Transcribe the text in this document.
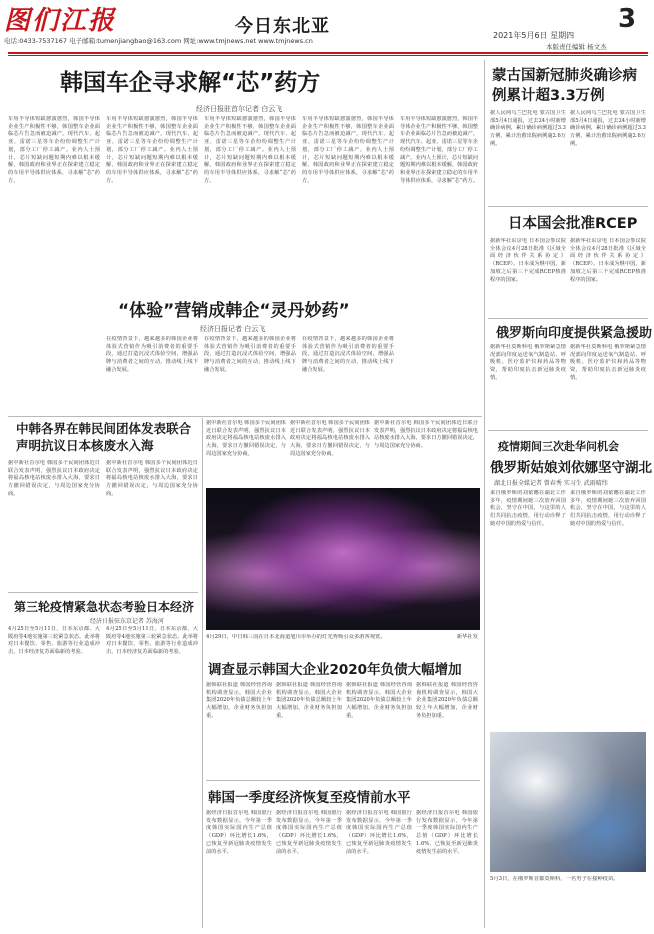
图们江报	今日东北亚	3
2021年5月6日 星期四
电话:0433-7537167 电子邮箱:tumenjiangbao@163.com 网址:www.tmjnews.net www.tmjnews.cn
本版责任编辑 杨文杰
韩国车企寻求解“芯”药方
经济日报驻首尔记者 白云飞
车用半导体短缺愈演愈烈，韩国半导体企业生产积极性不够，韩国整车企业面临芯片告急而被迫减产。现代汽车、起亚、雷诺三星等车企纷纷调整生产计划，部分工厂停工减产。业内人士预计，芯片短缺问题短期内难以根本缓解，韩国政府和业界正在探索建立稳定的车用半导体供应体系，寻求解“芯”药方。
车用半导体短缺愈演愈烈，韩国半导体企业生产积极性不够，韩国整车企业面临芯片告急而被迫减产。现代汽车、起亚、雷诺三星等车企纷纷调整生产计划，部分工厂停工减产。业内人士预计，芯片短缺问题短期内难以根本缓解，韩国政府和业界正在探索建立稳定的车用半导体供应体系，寻求解“芯”药方。
车用半导体短缺愈演愈烈，韩国半导体企业生产积极性不够，韩国整车企业面临芯片告急而被迫减产。现代汽车、起亚、雷诺三星等车企纷纷调整生产计划，部分工厂停工减产。业内人士预计，芯片短缺问题短期内难以根本缓解，韩国政府和业界正在探索建立稳定的车用半导体供应体系，寻求解“芯”药方。
车用半导体短缺愈演愈烈，韩国半导体企业生产积极性不够，韩国整车企业面临芯片告急而被迫减产。现代汽车、起亚、雷诺三星等车企纷纷调整生产计划，部分工厂停工减产。业内人士预计，芯片短缺问题短期内难以根本缓解，韩国政府和业界正在探索建立稳定的车用半导体供应体系，寻求解“芯”药方。
车用半导体短缺愈演愈烈，韩国半导体企业生产积极性不够，韩国整车企业面临芯片告急而被迫减产。现代汽车、起亚、雷诺三星等车企纷纷调整生产计划，部分工厂停工减产。业内人士预计，芯片短缺问题短期内难以根本缓解，韩国政府和业界正在探索建立稳定的车用半导体供应体系，寻求解“芯”药方。
“体验”营销成韩企“灵丹妙药”
经济日报记者 白云飞
在疫情背景下，越来越多的韩国企业将体验式营销作为吸引消费者的重要手段，通过打造沉浸式体验空间，增强品牌与消费者之间的互动，推动线上线下融合发展。
在疫情背景下，越来越多的韩国企业将体验式营销作为吸引消费者的重要手段，通过打造沉浸式体验空间，增强品牌与消费者之间的互动，推动线上线下融合发展。
在疫情背景下，越来越多的韩国企业将体验式营销作为吸引消费者的重要手段，通过打造沉浸式体验空间，增强品牌与消费者之间的互动，推动线上线下融合发展。
蒙古国新冠肺炎确诊病例累计超3.3万例
据人民网乌兰巴托电 蒙古国卫生部5月4日通报，过去24小时新增确诊病例，累计确诊病例超过3.3万例，累计治愈出院病例逾2.6万例。
据人民网乌兰巴托电 蒙古国卫生部5月4日通报，过去24小时新增确诊病例，累计确诊病例超过3.3万例，累计治愈出院病例逾2.6万例。
日本国会批准RCEP
据新华社东京电 日本国会参议院全体会议4月28日批准《区域全面经济伙伴关系协定》（RCEP）。日本成为继中国、新加坡之后第三个完成RCEP核准程序的国家。
据新华社东京电 日本国会参议院全体会议4月28日批准《区域全面经济伙伴关系协定》（RCEP）。日本成为继中国、新加坡之后第三个完成RCEP核准程序的国家。
俄罗斯向印度提供紧急援助
据新华社莫斯科电 俄罗斯紧急情况部向印度运送氧气制造站、呼吸机、医疗监护仪和药品等物资，帮助印度抗击新冠肺炎疫情。
据新华社莫斯科电 俄罗斯紧急情况部向印度运送氧气制造站、呼吸机、医疗监护仪和药品等物资，帮助印度抗击新冠肺炎疫情。
疫情期间三次赴华问机会
俄罗斯姑娘刘依娜坚守湖北
湖北日报全媒记者 曾春秀 实习生 武雨晴纬
来自俄罗斯的刘依娜在湖北工作多年，疫情期间她三次放弃回国机会，坚守在中国，与这里的人们共同抗击疫情，用行动诠释了她对中国的热爱与信任。
来自俄罗斯的刘依娜在湖北工作多年，疫情期间她三次放弃回国机会，坚守在中国，与这里的人们共同抗击疫情，用行动诠释了她对中国的热爱与信任。
5月3日，在俄罗斯首都莫斯科，一名男子在接种疫苗。
中韩各界在韩民间团体发表联合声明抗议日本核废水入海
据中新社首尔电 韩国多个民间团体近日联合发表声明，强烈抗议日本政府决定将福岛核电站核废水排入大海，要求日方撤回错误决定，与周边国家充分协商。
据中新社首尔电 韩国多个民间团体近日联合发表声明，强烈抗议日本政府决定将福岛核电站核废水排入大海，要求日方撤回错误决定，与周边国家充分协商。
第三轮疫情紧急状态考验日本经济
经济日报驻东京记者 苏海河
4月25日至5月11日，日本东京都、大阪府等4地实施第三轮紧急状态。此举将对日本餐饮、零售、旅游等行业造成冲击，日本经济复苏面临新的考验。
4月25日至5月11日，日本东京都、大阪府等4地实施第三轮紧急状态。此举将对日本餐饮、零售、旅游等行业造成冲击，日本经济复苏面临新的考验。
据中新社首尔电 韩国多个民间团体近日联合发表声明，强烈抗议日本政府决定将福岛核电站核废水排入大海，要求日方撤回错误决定，与周边国家充分协商。
据中新社首尔电 韩国多个民间团体近日联合发表声明，强烈抗议日本政府决定将福岛核电站核废水排入大海，要求日方撤回错误决定，与周边国家充分协商。
据中新社首尔电 韩国多个民间团体近日联合发表声明，强烈抗议日本政府决定将福岛核电站核废水排入大海，要求日方撤回错误决定，与周边国家充分协商。
4月29日，中日韩三国在日本北海道旭川市举办的灯光秀吸引众多游客观赏。	新华社发
调查显示韩国大企业2020年负债大幅增加
据韩联社报道 韩国经营咨询机构调查显示，韩国大企业集团2020年负债总额较上年大幅增加，企业财务负担加重。
据韩联社报道 韩国经营咨询机构调查显示，韩国大企业集团2020年负债总额较上年大幅增加，企业财务负担加重。
据韩联社报道 韩国经营咨询机构调查显示，韩国大企业集团2020年负债总额较上年大幅增加，企业财务负担加重。
据韩联社报道 韩国经营咨询机构调查显示，韩国大企业集团2020年负债总额较上年大幅增加，企业财务负担加重。
韩国一季度经济恢复至疫情前水平
据经济日报首尔电 韩国银行发布数据显示，今年第一季度韩国实际国内生产总值（GDP）环比增长1.6%，已恢复至新冠肺炎疫情发生前的水平。
据经济日报首尔电 韩国银行发布数据显示，今年第一季度韩国实际国内生产总值（GDP）环比增长1.6%，已恢复至新冠肺炎疫情发生前的水平。
据经济日报首尔电 韩国银行发布数据显示，今年第一季度韩国实际国内生产总值（GDP）环比增长1.6%，已恢复至新冠肺炎疫情发生前的水平。
据经济日报首尔电 韩国银行发布数据显示，今年第一季度韩国实际国内生产总值（GDP）环比增长1.6%，已恢复至新冠肺炎疫情发生前的水平。
